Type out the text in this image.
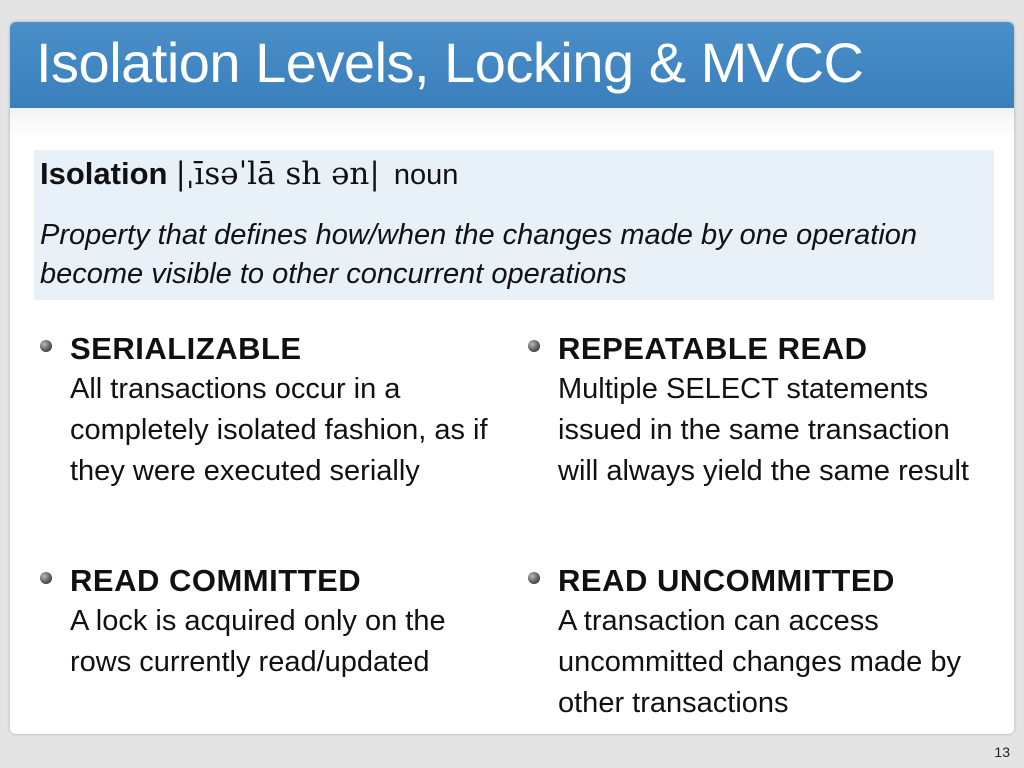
Isolation Levels, Locking & MVCC
Isolation |ˌīsəˈlā sh ən| noun
Property that defines how/when the changes made by one operation become visible to other concurrent operations
SERIALIZABLE
All transactions occur in a completely isolated fashion, as if they were executed serially
REPEATABLE READ
Multiple SELECT statements issued in the same transaction will always yield the same result
READ COMMITTED
A lock is acquired only on the rows currently read/updated
READ UNCOMMITTED
A transaction can access uncommitted changes made by other transactions
13
